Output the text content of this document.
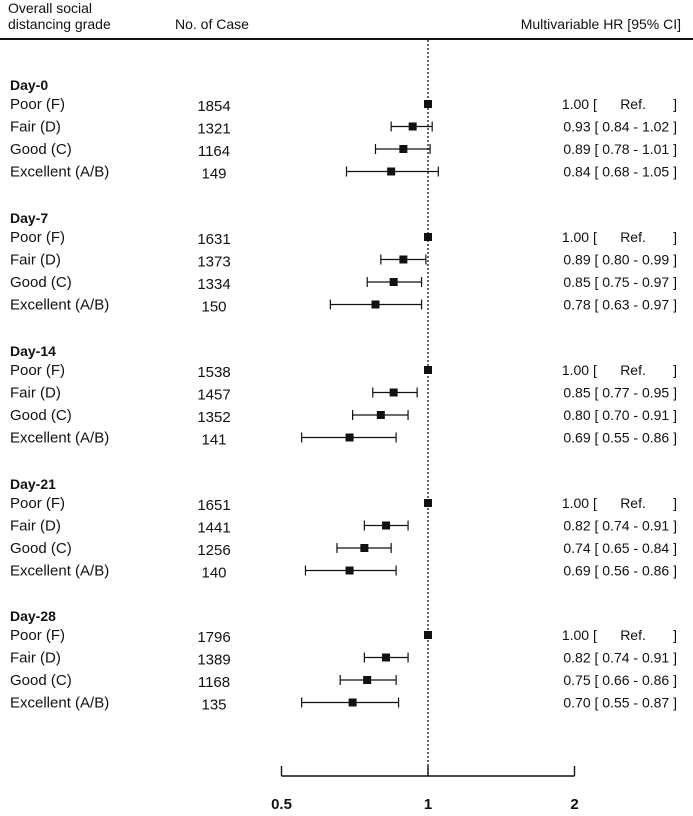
Overall social
distancing grade	No. of Case	Multivariable HR [95% CI]
Day-0
Poor (F)	1854	1.00 [      Ref.       ]
Fair (D)	1321	0.93 [ 0.84 - 1.02 ]
Good (C)	1164	0.89 [ 0.78 - 1.01 ]
Excellent (A/B)	149	0.84 [ 0.68 - 1.05 ]
Day-7
Poor (F)	1631	1.00 [      Ref.       ]
Fair (D)	1373	0.89 [ 0.80 - 0.99 ]
Good (C)	1334	0.85 [ 0.75 - 0.97 ]
Excellent (A/B)	150	0.78 [ 0.63 - 0.97 ]
Day-14
Poor (F)	1538	1.00 [      Ref.       ]
Fair (D)	1457	0.85 [ 0.77 - 0.95 ]
Good (C)	1352	0.80 [ 0.70 - 0.91 ]
Excellent (A/B)	141	0.69 [ 0.55 - 0.86 ]
Day-21
Poor (F)	1651	1.00 [      Ref.       ]
Fair (D)	1441	0.82 [ 0.74 - 0.91 ]
Good (C)	1256	0.74 [ 0.65 - 0.84 ]
Excellent (A/B)	140	0.69 [ 0.56 - 0.86 ]
Day-28
Poor (F)	1796	1.00 [      Ref.       ]
Fair (D)	1389	0.82 [ 0.74 - 0.91 ]
Good (C)	1168	0.75 [ 0.66 - 0.86 ]
Excellent (A/B)	135	0.70 [ 0.55 - 0.87 ]
0.5	1	2
